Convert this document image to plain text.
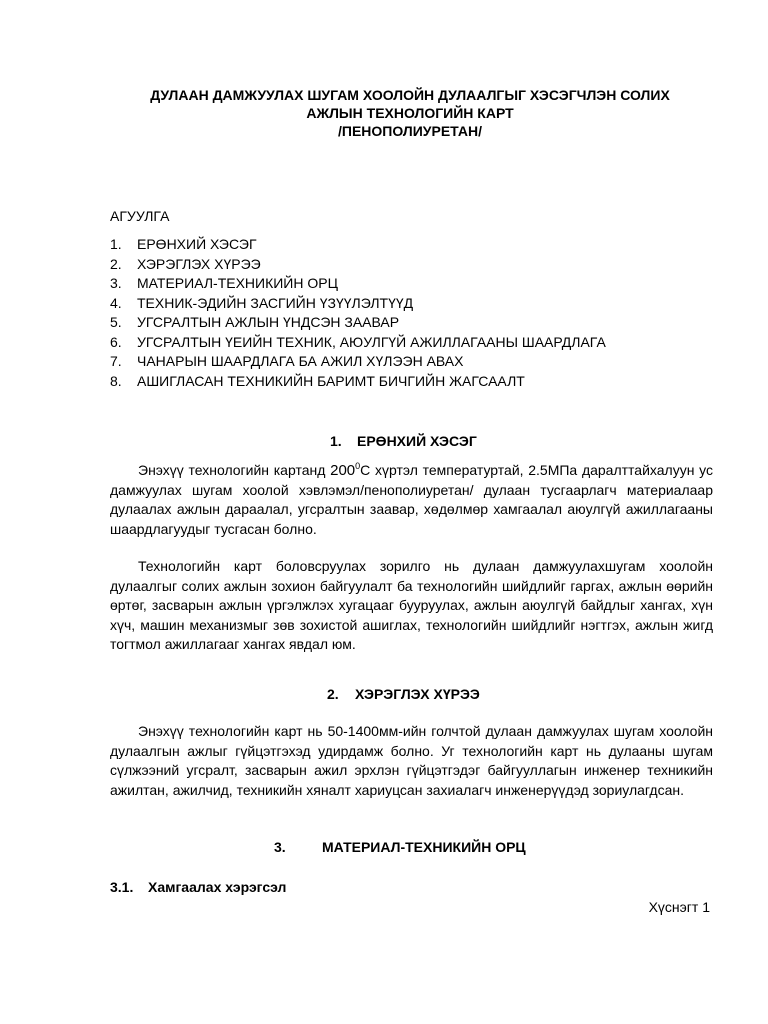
ДУЛААН ДАМЖУУЛАХ ШУГАМ ХООЛОЙН ДУЛААЛГЫГ ХЭСЭГЧЛЭН СОЛИХ
АЖЛЫН ТЕХНОЛОГИЙН КАРТ
/ПЕНОПОЛИУРЕТАН/
АГУУЛГА
1.	ЕРӨНХИЙ ХЭСЭГ
2.	ХЭРЭГЛЭХ ХҮРЭЭ
3.	МАТЕРИАЛ-ТЕХНИКИЙН ОРЦ
4.	ТЕХНИК-ЭДИЙН ЗАСГИЙН ҮЗҮҮЛЭЛТҮҮД
5.	УГСРАЛТЫН АЖЛЫН ҮНДСЭН ЗААВАР
6.	УГСРАЛТЫН ҮЕИЙН ТЕХНИК, АЮУЛГҮЙ АЖИЛЛАГААНЫ ШААРДЛАГА
7.	ЧАНАРЫН ШААРДЛАГА БА АЖИЛ ХҮЛЭЭН АВАХ
8.	АШИГЛАСАН ТЕХНИКИЙН БАРИМТ БИЧГИЙН ЖАГСААЛТ
1. ЕРӨНХИЙ ХЭСЭГ

Энэхүү технологийн картанд $200^0С$ хүртэл температуртай, 2.5МПа даралттайхалуун ус дамжуулах шугам хоолой хэвлэмэл/пенополиуретан/ дулаан тусгаарлагч материалаар дулаалах ажлын дараалал, угсралтын заавар, хөдөлмөр хамгаалал аюулгүй ажиллагааны шаардлагуудыг тусгасан болно.

Технологийн карт боловсруулах зорилго нь дулаан дамжуулахшугам хоолойн дулаалгыг солих ажлын зохион байгуулалт ба технологийн шийдлийг гаргах, ажлын өөрийн өртөг, засварын ажлын үргэлжлэх хугацааг бууруулах, ажлын аюулгүй байдлыг хангах, хүн хүч, машин механизмыг зөв зохистой ашиглах, технологийн шийдлийг нэгтгэх, ажлын жигд тогтмол ажиллагааг хангах явдал юм.

2. ХЭРЭГЛЭХ ХҮРЭЭ

Энэхүү технологийн карт нь 50-1400мм-ийн голчтой дулаан дамжуулах шугам хоолойн дулаалгын ажлыг гүйцэтгэхэд удирдамж болно. Уг технологийн карт нь дулааны шугам сүлжээний угсралт, засварын ажил эрхлэн гүйцэтгэдэг байгууллагын инженер техникийн ажилтан, ажилчид, техникийн хяналт хариуцсан захиалагч инженерүүдэд зориулагдсан.

3.	МАТЕРИАЛ-ТЕХНИКИЙН ОРЦ
3.1. Хамгаалах хэрэгсэл
Хүснэгт 1
